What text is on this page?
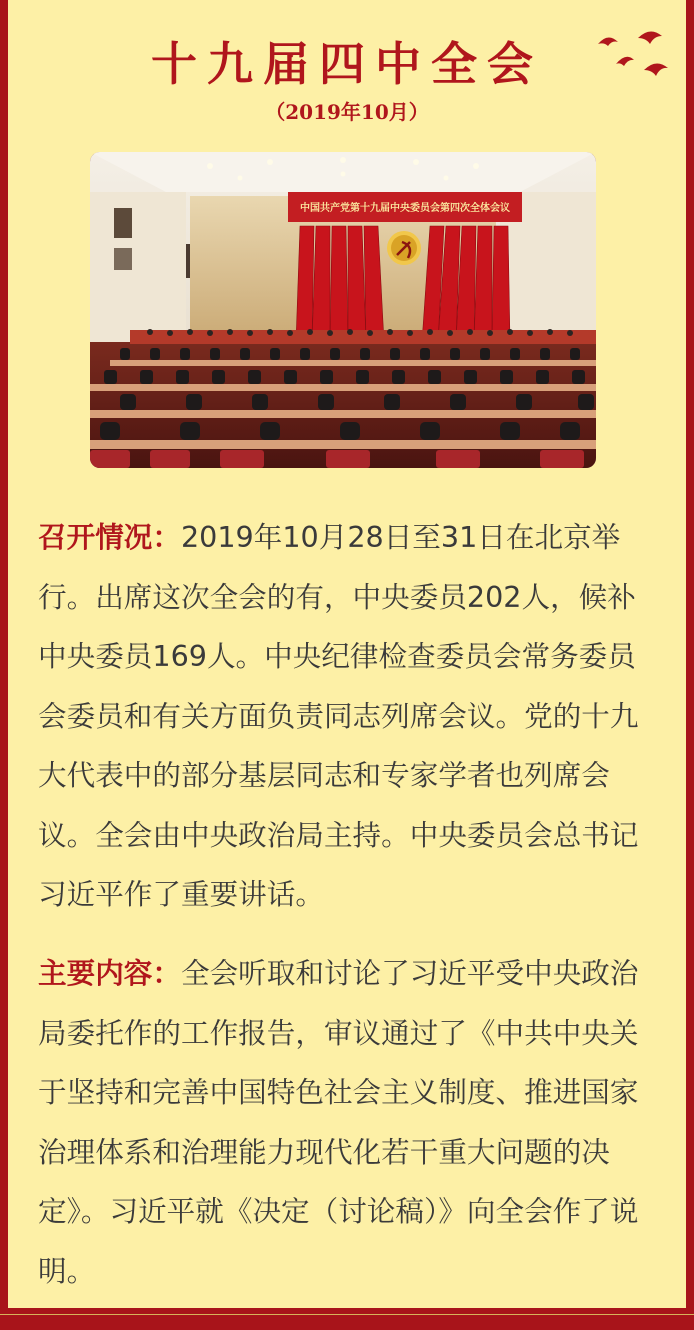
十九届四中全会
（2019年10月）
中国共产党第十九届中央委员会第四次全体会议

召开情况：2019年10月28日至31日在北京举行。出席这次全会的有，中央委员202人，候补中央委员169人。中央纪律检查委员会常务委员会委员和有关方面负责同志列席会议。党的十九大代表中的部分基层同志和专家学者也列席会议。全会由中央政治局主持。中央委员会总书记习近平作了重要讲话。

主要内容：全会听取和讨论了习近平受中央政治局委托作的工作报告，审议通过了《中共中央关于坚持和完善中国特色社会主义制度、推进国家治理体系和治理能力现代化若干重大问题的决定》。习近平就《决定（讨论稿）》向全会作了说明。
